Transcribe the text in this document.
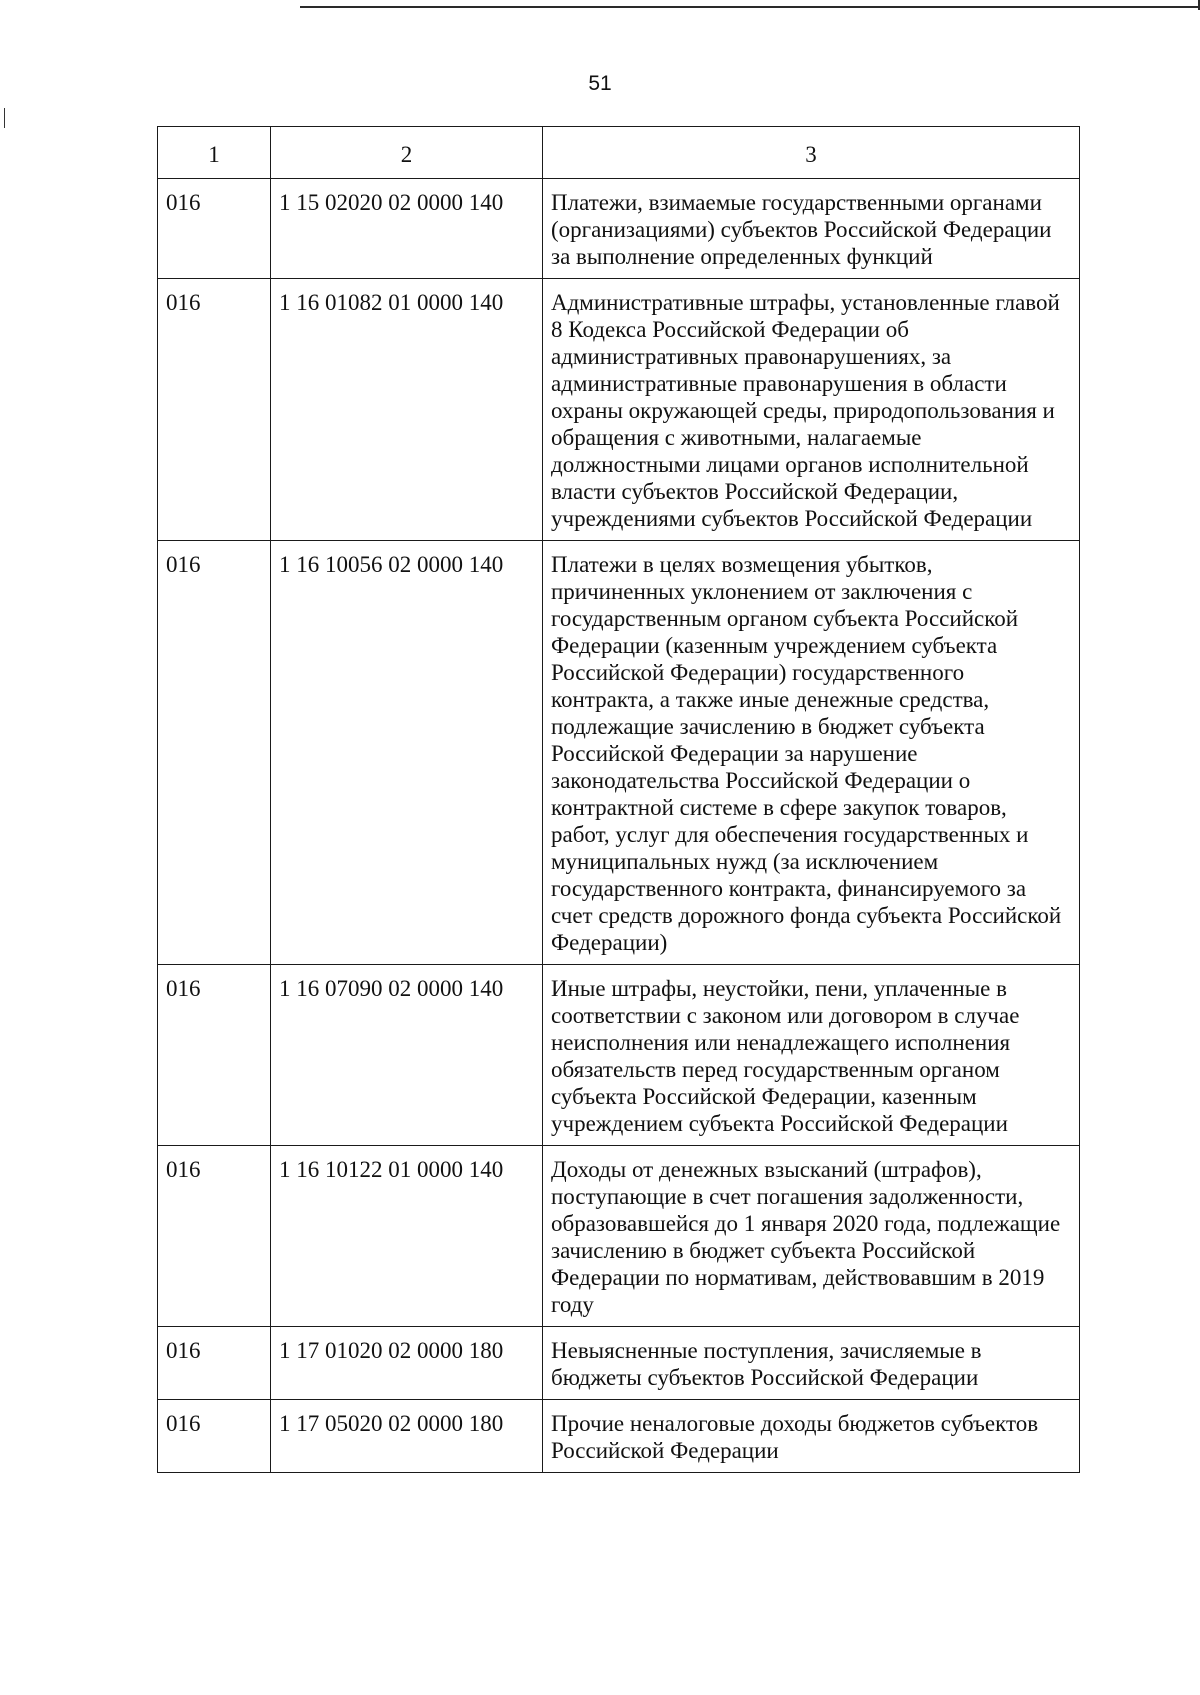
51
1	2	3
016	1 15 02020 02 0000 140	Платежи, взимаемые государственными органами (организациями) субъектов Российской Федерации за выполнение определенных функций
016	1 16 01082 01 0000 140	Административные штрафы, установленные главой 8 Кодекса Российской Федерации об административных правонарушениях, за административные правонарушения в области охраны окружающей среды, природопользования и обращения с животными, налагаемые должностными лицами органов исполнительной власти субъектов Российской Федерации, учреждениями субъектов Российской Федерации
016	1 16 10056 02 0000 140	Платежи в целях возмещения убытков, причиненных уклонением от заключения с государственным органом субъекта Российской Федерации (казенным учреждением субъекта Российской Федерации) государственного контракта, а также иные денежные средства, подлежащие зачислению в бюджет субъекта Российской Федерации за нарушение законодательства Российской Федерации о контрактной системе в сфере закупок товаров, работ, услуг для обеспечения государственных и муниципальных нужд (за исключением государственного контракта, финансируемого за счет средств дорожного фонда субъекта Российской Федерации)
016	1 16 07090 02 0000 140	Иные штрафы, неустойки, пени, уплаченные в соответствии с законом или договором в случае неисполнения или ненадлежащего исполнения обязательств перед государственным органом субъекта Российской Федерации, казенным учреждением субъекта Российской Федерации
016	1 16 10122 01 0000 140	Доходы от денежных взысканий (штрафов), поступающие в счет погашения задолженности, образовавшейся до 1 января 2020 года, подлежащие зачислению в бюджет субъекта Российской Федерации по нормативам, действовавшим в 2019 году
016	1 17 01020 02 0000 180	Невыясненные поступления, зачисляемые в бюджеты субъектов Российской Федерации
016	1 17 05020 02 0000 180	Прочие неналоговые доходы бюджетов субъектов Российской Федерации
